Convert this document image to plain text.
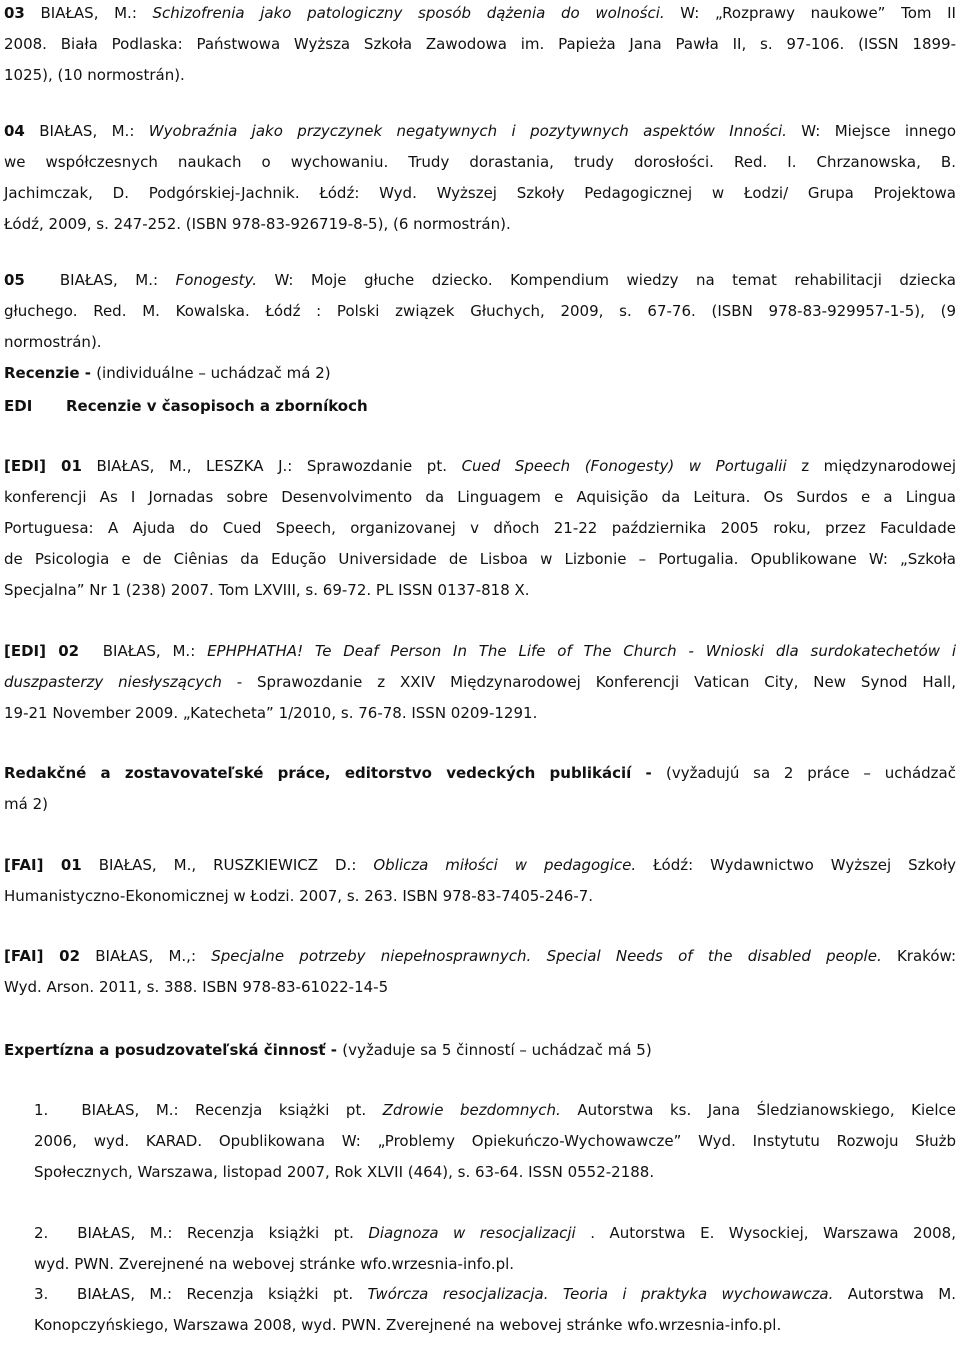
03 BIAŁAS, M.: Schizofrenia jako patologiczny sposób dążenia do wolności. W: „Rozprawy naukowe” Tom II
2008. Biała Podlaska: Państwowa Wyższa Szkoła Zawodowa im. Papieża Jana Pawła II, s. 97-106. (ISSN 1899-
1025), (10 normostrán).
04 BIAŁAS, M.: Wyobraźnia jako przyczynek negatywnych i pozytywnych aspektów Inności. W: Miejsce innego
we współczesnych naukach o wychowaniu. Trudy dorastania, trudy dorosłości. Red. I. Chrzanowska, B.
Jachimczak, D. Podgórskiej-Jachnik. Łódź: Wyd. Wyższej Szkoły Pedagogicznej w Łodzi/ Grupa Projektowa
Łódź, 2009, s. 247-252. (ISBN 978-83-926719-8-5), (6 normostrán).
05  BIAŁAS, M.: Fonogesty. W: Moje głuche dziecko. Kompendium wiedzy na temat rehabilitacji dziecka
głuchego. Red. M. Kowalska. Łódź : Polski związek Głuchych, 2009, s. 67-76. (ISBN 978-83-929957-1-5), (9
normostrán).
Recenzie - (individuálne – uchádzač má 2)
EDI Recenzie v časopisoch a zborníkoch
[EDI] 01 BIAŁAS, M., LESZKA J.: Sprawozdanie pt. Cued Speech (Fonogesty) w Portugalii z międzynarodowej
konferencji As I Jornadas sobre Desenvolvimento da Linguagem e Aquisição da Leitura. Os Surdos e a Lingua
Portuguesa: A Ajuda do Cued Speech, organizovanej v dňoch 21-22 października 2005 roku, przez Faculdade
de Psicologia e de Ciênias da Edução Universidade de Lisboa w Lizbonie – Portugalia. Opublikowane W: „Szkoła
Specjalna” Nr 1 (238) 2007. Tom LXVIII, s. 69-72. PL ISSN 0137-818 X.
[EDI] 02  BIAŁAS, M.: EPHPHATHA! Te Deaf Person In The Life of The Church - Wnioski dla surdokatechetów i
duszpasterzy niesłyszących - Sprawozdanie z XXIV Międzynarodowej Konferencji Vatican City, New Synod Hall,
19-21 November 2009. „Katecheta” 1/2010, s. 76-78. ISSN 0209-1291.
Redakčné a zostavovateľské práce, editorstvo vedeckých publikácií - (vyžadujú sa 2 práce – uchádzač
má 2)
[FAI] 01 BIAŁAS, M., RUSZKIEWICZ D.: Oblicza miłości w pedagogice. Łódź: Wydawnictwo Wyższej Szkoły
Humanistyczno-Ekonomicznej w Łodzi. 2007, s. 263. ISBN 978-83-7405-246-7.
[FAI] 02 BIAŁAS, M.,: Specjalne potrzeby niepełnosprawnych. Special Needs of the disabled people. Kraków:
Wyd. Arson. 2011, s. 388. ISBN 978-83-61022-14-5
Expertízna a posudzovateľská činnosť - (vyžaduje sa 5 činností – uchádzač má 5)
1.  BIAŁAS, M.: Recenzja książki pt. Zdrowie bezdomnych. Autorstwa ks. Jana Śledzianowskiego, Kielce
2006, wyd. KARAD. Opublikowana W: „Problemy Opiekuńczo-Wychowawcze” Wyd. Instytutu Rozwoju Służb
Społecznych, Warszawa, listopad 2007, Rok XLVII (464), s. 63-64. ISSN 0552-2188.
2.  BIAŁAS, M.: Recenzja książki pt. Diagnoza w resocjalizacji . Autorstwa E. Wysockiej, Warszawa 2008,
wyd. PWN. Zverejnené na webovej stránke wfo.wrzesnia-info.pl.
3.  BIAŁAS, M.: Recenzja książki pt. Twórcza resocjalizacja. Teoria i praktyka wychowawcza. Autorstwa M.
Konopczyńskiego, Warszawa 2008, wyd. PWN. Zverejnené na webovej stránke wfo.wrzesnia-info.pl.
